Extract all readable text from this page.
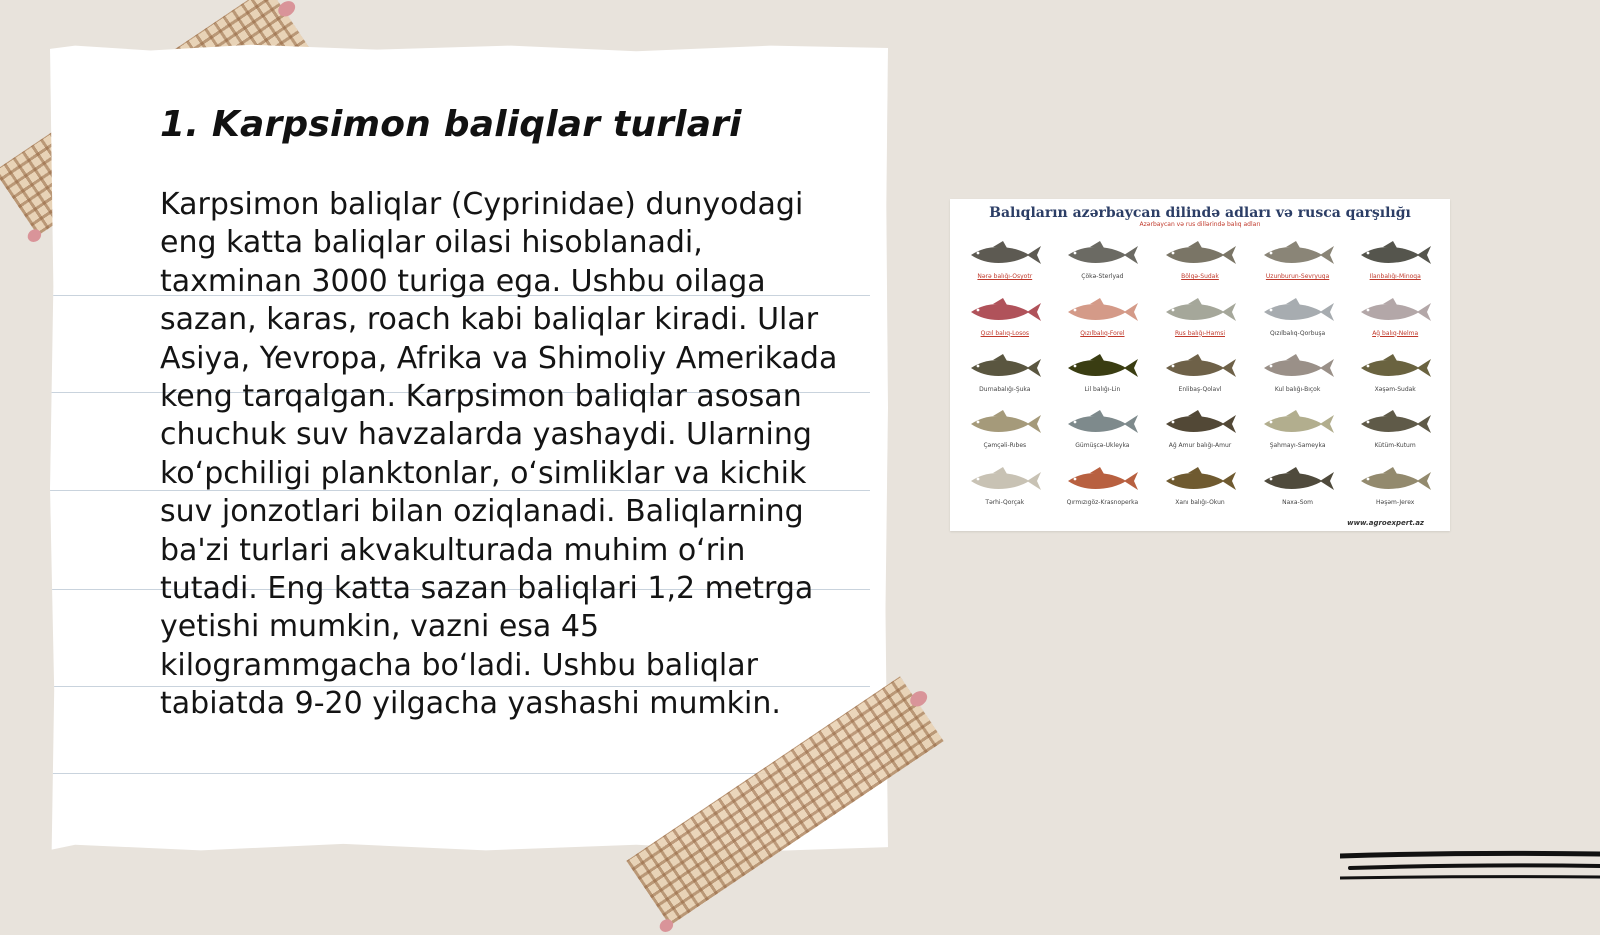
1. Karpsimon baliqlar turlari

Karpsimon baliqlar (Cyprinidae) dunyodagi eng katta baliqlar oilasi hisoblanadi, taxminan 3000 turiga ega. Ushbu oilaga sazan, karas, roach kabi baliqlar kiradi. Ular Asiya, Yevropa, Afrika va Shimoliy Amerikada keng tarqalgan. Karpsimon baliqlar asosan chuchuk suv havzalarda yashaydi. Ularning koʻpchiligi planktonlar, oʻsimliklar va kichik suv jonzotlari bilan oziqlanadi. Baliqlarning ba'zi turlari akvakulturada muhim oʻrin tutadi. Eng katta sazan baliqlari 1,2 metrga yetishi mumkin, vazni esa 45 kilogrammgacha boʻladi. Ushbu baliqlar tabiatda 9-20 yilgacha yashashi mumkin.

Balıqların azərbaycan dilində adları və rusca qarşılığı
Azərbaycan və rus dillərində balıq adları
Nərə balığı-Osyotr	Çökə-Sterlyad	Bölgə-Sudak	Uzunburun-Sevryuqa	Ilanbalığı-Minoqa
Qızıl balıq-Losos	Qızılbalıq-Forel	Rus balığı-Hamsi	Qızılbalıq-Qorbuşa	Ağ balıq-Nelma
Durnabalığı-Şuka	Lil balığı-Lin	Enlibaş-Qolavl	Kul balığı-Bıçok	Xəşəm-Sudak
Çəmçəli-Rıbes	Gümüşcə-Ukleyka	Ağ Amur balığı-Amur	Şahmayı-Sameyka	Kütüm-Kutum
Tərhi-Qorçak	Qırmızıgöz-Krasnoperka	Xanı balığı-Okun	Naxa-Som	Həşəm-Jerex
www.agroexpert.az
